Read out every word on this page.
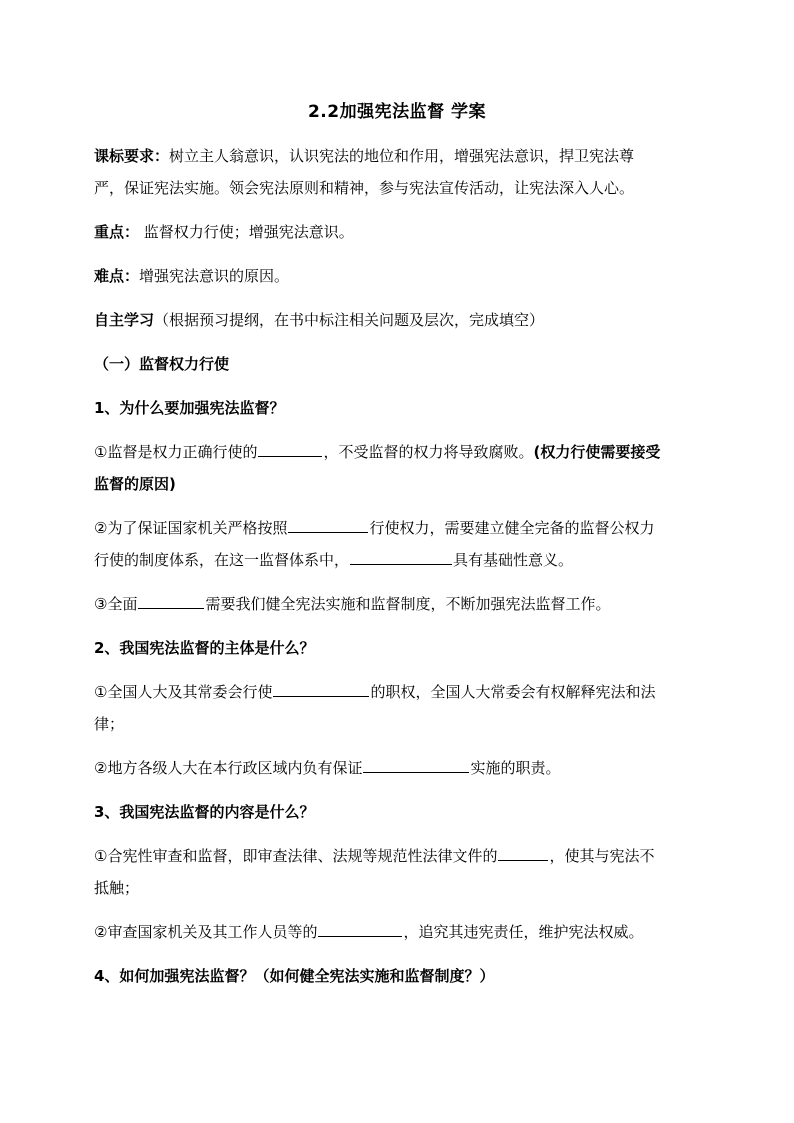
2.2加强宪法监督 学案
课标要求：树立主人翁意识，认识宪法的地位和作用，增强宪法意识，捍卫宪法尊
严，保证宪法实施。领会宪法原则和精神，参与宪法宣传活动，让宪法深入人心。
重点： 监督权力行使；增强宪法意识。
难点：增强宪法意识的原因。
自主学习（根据预习提纲，在书中标注相关问题及层次，完成填空）
（一）监督权力行使
1、为什么要加强宪法监督？
①监督是权力正确行使的	，不受监督的权力将导致腐败。(权力行使需要接受
监督的原因)
②为了保证国家机关严格按照	行使权力，需要建立健全完备的监督公权力
行使的制度体系，在这一监督体系中，	具有基础性意义。
③全面	需要我们健全宪法实施和监督制度，不断加强宪法监督工作。
2、我国宪法监督的主体是什么？
①全国人大及其常委会行使	的职权，全国人大常委会有权解释宪法和法
律；
②地方各级人大在本行政区域内负有保证	实施的职责。
3、我国宪法监督的内容是什么？
①合宪性审查和监督，即审查法律、法规等规范性法律文件的	，使其与宪法不
抵触；
②审查国家机关及其工作人员等的	，追究其违宪责任，维护宪法权威。
4、如何加强宪法监督？（如何健全宪法实施和监督制度？）
